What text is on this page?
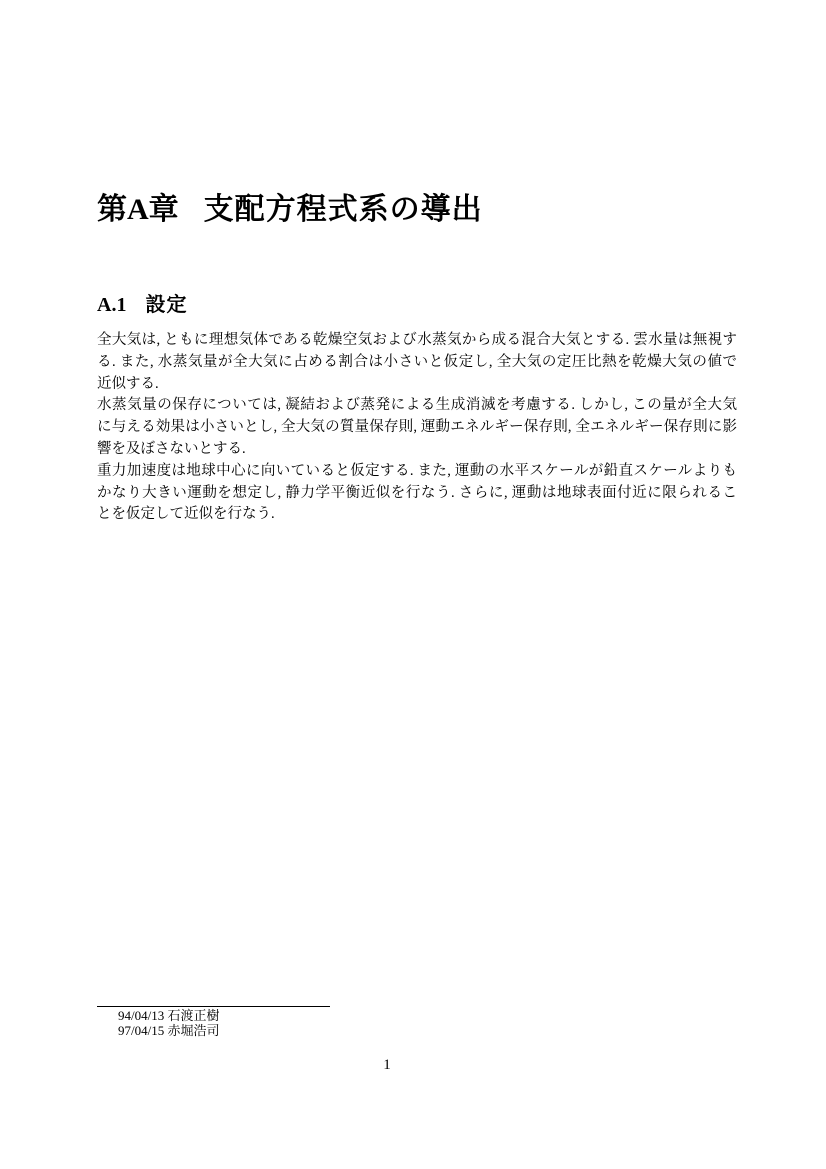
第A章 支配方程式系の導出
A.1 設定
全大気は, ともに理想気体である乾燥空気および水蒸気から成る混合大気とする. 雲水量は無視す
る. また, 水蒸気量が全大気に占める割合は小さいと仮定し, 全大気の定圧比熱を乾燥大気の値で
近似する.
水蒸気量の保存については, 凝結および蒸発による生成消滅を考慮する. しかし, この量が全大気
に与える効果は小さいとし, 全大気の質量保存則, 運動エネルギー保存則, 全エネルギー保存則に影
響を及ぼさないとする.
重力加速度は地球中心に向いていると仮定する. また, 運動の水平スケールが鉛直スケールよりも
かなり大きい運動を想定し, 静力学平衡近似を行なう. さらに, 運動は地球表面付近に限られるこ
とを仮定して近似を行なう.
94/04/13 石渡正樹
97/04/15 赤堀浩司
1
